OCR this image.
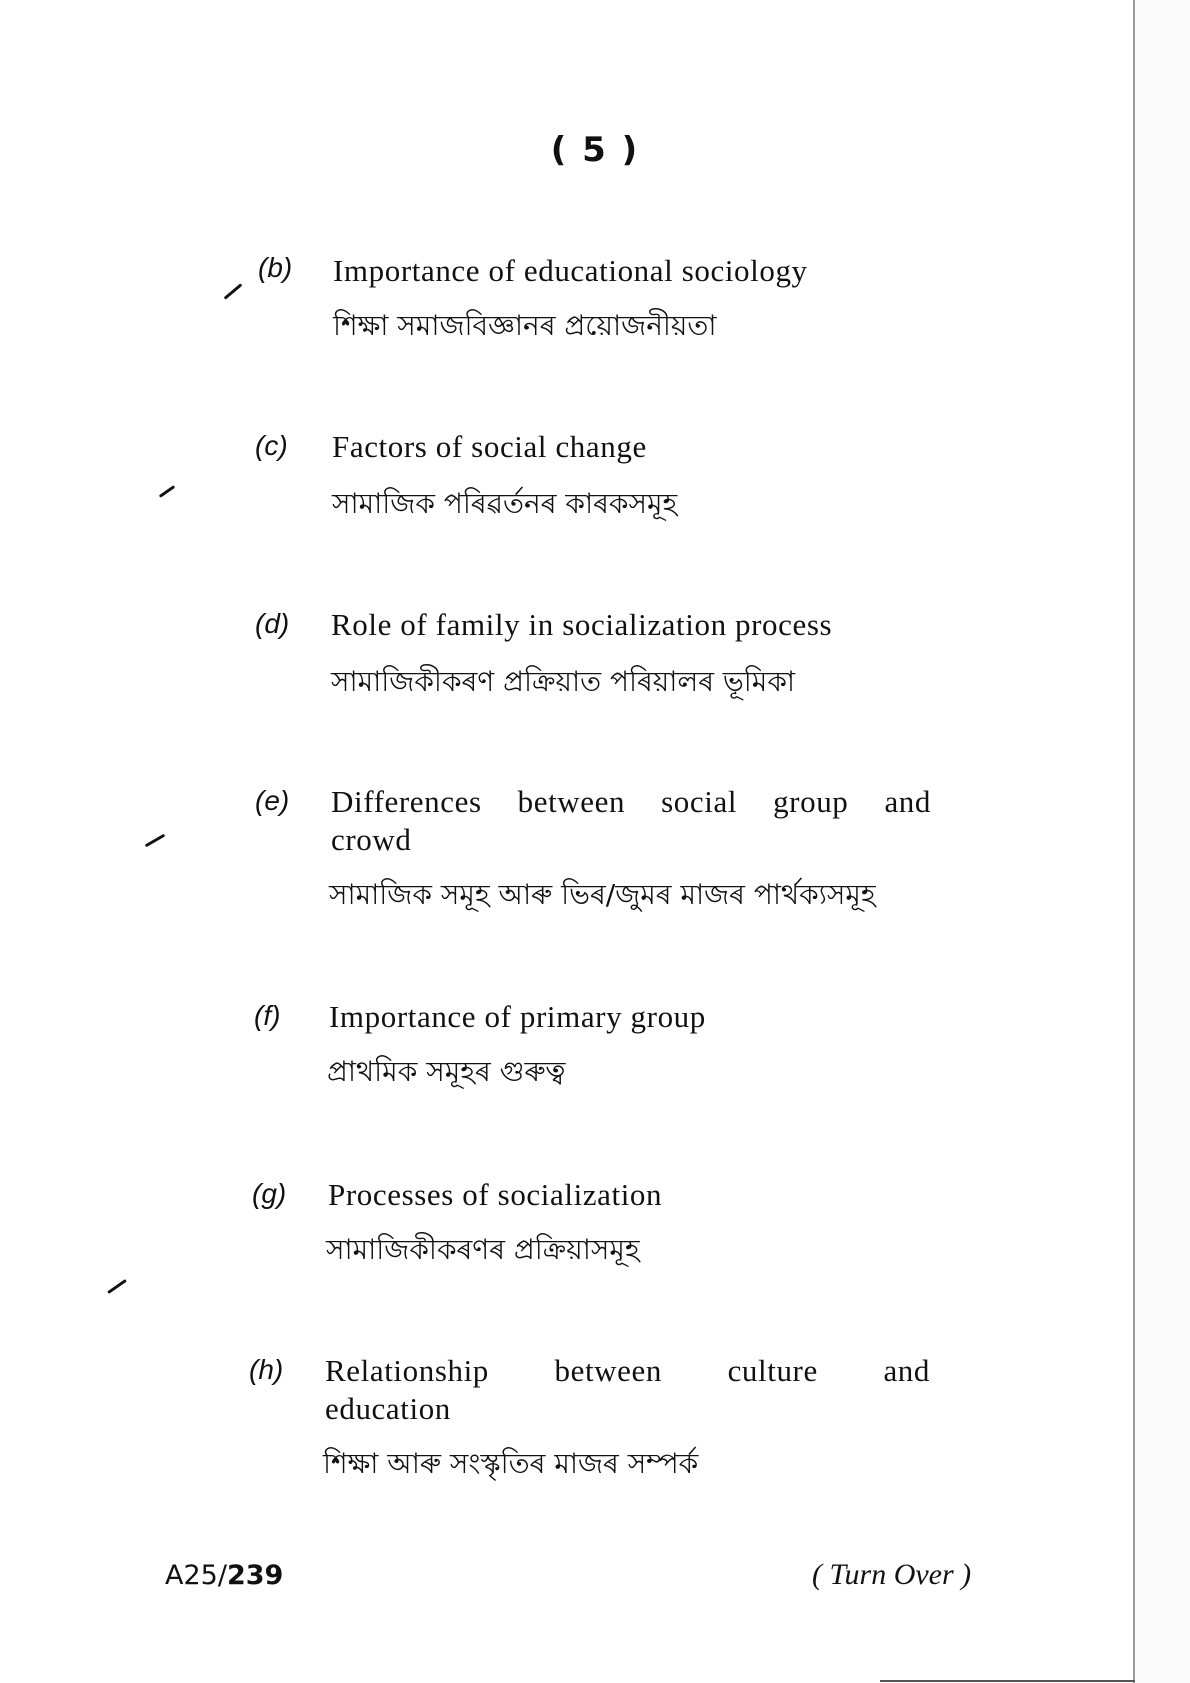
( 5 )
(b) Importance of educational sociology
শিক্ষা সমাজবিজ্ঞানৰ প্ৰয়োজনীয়তা
(c) Factors of social change
সামাজিক পৰিৱৰ্তনৰ কাৰকসমূহ
(d) Role of family in socialization process
সামাজিকীকৰণ প্ৰক্ৰিয়াত পৰিয়ালৰ ভূমিকা
(e) Differences between social group and
crowd
সামাজিক সমূহ আৰু ভিৰ/জুমৰ মাজৰ পাৰ্থক্যসমূহ
(f) Importance of primary group
প্ৰাথমিক সমূহৰ গুৰুত্ব
(g) Processes of socialization
সামাজিকীকৰণৰ প্ৰক্ৰিয়াসমূহ
(h) Relationship between culture and
education
শিক্ষা আৰু সংস্কৃতিৰ মাজৰ সম্পৰ্ক
A25/239	( Turn Over )
